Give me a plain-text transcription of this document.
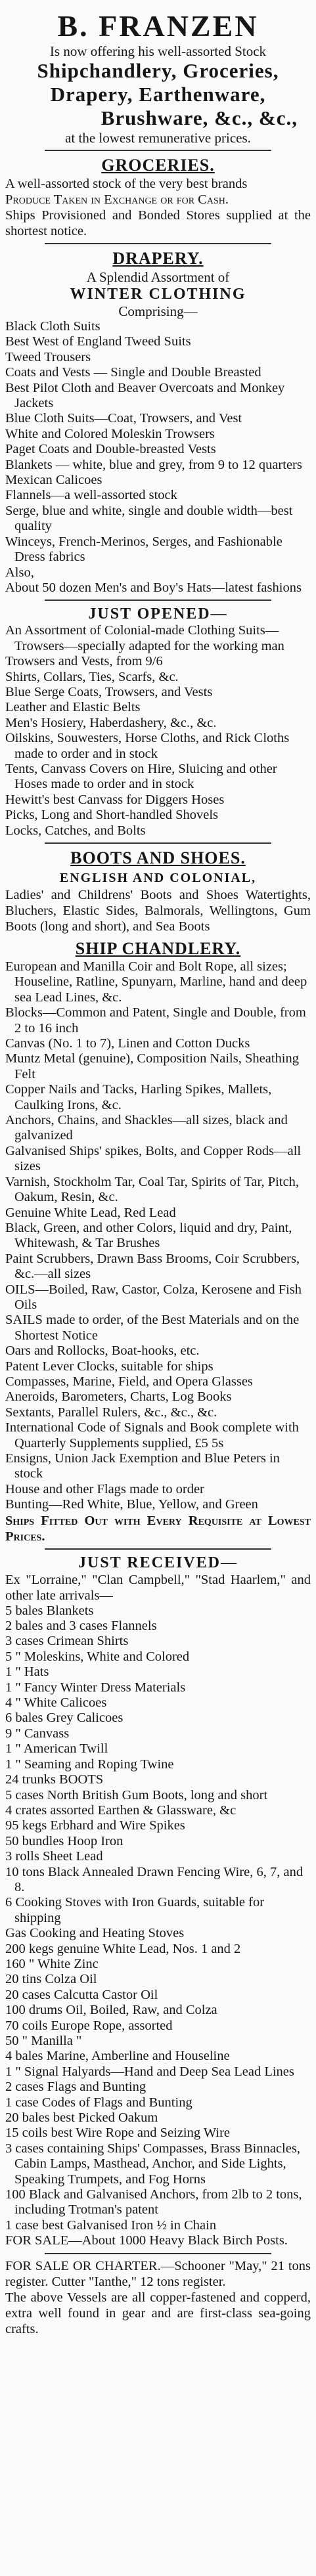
B. FRANZEN
Is now offering his well-assorted Stock
Shipchandlery, Groceries,
Drapery, Earthenware,
Brushware, &c., &c.,
at the lowest remunerative prices.
GROCERIES.

A well-assorted stock of the very best brands

Produce Taken in Exchange or for Cash.

Ships Provisioned and Bonded Stores supplied at the shortest notice.

DRAPERY.
A Splendid Assortment of
WINTER CLOTHING
Comprising—
Black Cloth Suits
Best West of England Tweed Suits
Tweed Trousers
Coats and Vests — Single and Double Breasted
Best Pilot Cloth and Beaver Overcoats and Monkey Jackets
Blue Cloth Suits—Coat, Trowsers, and Vest
White and Colored Moleskin Trowsers
Paget Coats and Double-breasted Vests
Blankets — white, blue and grey, from 9 to 12 quarters
Mexican Calicoes
Flannels—a well-assorted stock
Serge, blue and white, single and double width—best quality
Winceys, French-Merinos, Serges, and Fashionable Dress fabrics
Also,
About 50 dozen Men's and Boy's Hats—latest fashions
JUST OPENED—
An Assortment of Colonial-made Clothing Suits—Trowsers—specially adapted for the working man
Trowsers and Vests, from 9/6
Shirts, Collars, Ties, Scarfs, &c.
Blue Serge Coats, Trowsers, and Vests
Leather and Elastic Belts
Men's Hosiery, Haberdashery, &c., &c.
Oilskins, Souwesters, Horse Cloths, and Rick Cloths made to order and in stock
Tents, Canvass Covers on Hire, Sluicing and other Hoses made to order and in stock
Hewitt's best Canvass for Diggers Hoses
Picks, Long and Short-handled Shovels
Locks, Catches, and Bolts
BOOTS AND SHOES.
ENGLISH AND COLONIAL,

Ladies' and Childrens' Boots and Shoes Watertights, Bluchers, Elastic Sides, Balmorals, Wellingtons, Gum Boots (long and short), and Sea Boots

SHIP CHANDLERY.
European and Manilla Coir and Bolt Rope, all sizes; Houseline, Ratline, Spunyarn, Marline, hand and deep sea Lead Lines, &c.
Blocks—Common and Patent, Single and Double, from 2 to 16 inch
Canvas (No. 1 to 7), Linen and Cotton Ducks
Muntz Metal (genuine), Composition Nails, Sheathing Felt
Copper Nails and Tacks, Harling Spikes, Mallets, Caulking Irons, &c.
Anchors, Chains, and Shackles—all sizes, black and galvanized
Galvanised Ships' spikes, Bolts, and Copper Rods—all sizes
Varnish, Stockholm Tar, Coal Tar, Spirits of Tar, Pitch, Oakum, Resin, &c.
Genuine White Lead, Red Lead
Black, Green, and other Colors, liquid and dry, Paint, Whitewash, & Tar Brushes
Paint Scrubbers, Drawn Bass Brooms, Coir Scrubbers, &c.—all sizes
OILS—Boiled, Raw, Castor, Colza, Kerosene and Fish Oils
SAILS made to order, of the Best Materials and on the Shortest Notice
Oars and Rollocks, Boat-hooks, etc.
Patent Lever Clocks, suitable for ships
Compasses, Marine, Field, and Opera Glasses
Aneroids, Barometers, Charts, Log Books
Sextants, Parallel Rulers, &c., &c., &c.
International Code of Signals and Book complete with Quarterly Supplements supplied, £5 5s
Ensigns, Union Jack Exemption and Blue Peters in stock
House and other Flags made to order
Bunting—Red White, Blue, Yellow, and Green

Ships Fitted Out with Every Requisite at Lowest Prices.

JUST RECEIVED—

Ex "Lorraine," "Clan Campbell," "Stad Haarlem," and other late arrivals—

5 bales Blankets
2 bales and 3 cases Flannels
3 cases Crimean Shirts
5 " Moleskins, White and Colored
1 " Hats
1 " Fancy Winter Dress Materials
4 " White Calicoes
6 bales Grey Calicoes
9 " Canvass
1 " American Twill
1 " Seaming and Roping Twine
24 trunks BOOTS
5 cases North British Gum Boots, long and short
4 crates assorted Earthen & Glassware, &c
95 kegs Erbhard and Wire Spikes
50 bundles Hoop Iron
3 rolls Sheet Lead
10 tons Black Annealed Drawn Fencing Wire, 6, 7, and 8.
6 Cooking Stoves with Iron Guards, suitable for shipping
Gas Cooking and Heating Stoves
200 kegs genuine White Lead, Nos. 1 and 2
160 " White Zinc
20 tins Colza Oil
20 cases Calcutta Castor Oil
100 drums Oil, Boiled, Raw, and Colza
70 coils Europe Rope, assorted
50 " Manilla "
4 bales Marine, Amberline and Houseline
1 " Signal Halyards—Hand and Deep Sea Lead Lines
2 cases Flags and Bunting
1 case Codes of Flags and Bunting
20 bales best Picked Oakum
15 coils best Wire Rope and Seizing Wire
3 cases containing Ships' Compasses, Brass Binnacles, Cabin Lamps, Masthead, Anchor, and Side Lights, Speaking Trumpets, and Fog Horns
100 Black and Galvanised Anchors, from 2lb to 2 tons, including Trotman's patent
1 case best Galvanised Iron ½ in Chain
FOR SALE—About 1000 Heavy Black Birch Posts.

FOR SALE OR CHARTER.—Schooner "May," 21 tons register. Cutter "Ianthe," 12 tons register.

The above Vessels are all copper-fastened and copperd, extra well found in gear and are first-class sea-going crafts.
